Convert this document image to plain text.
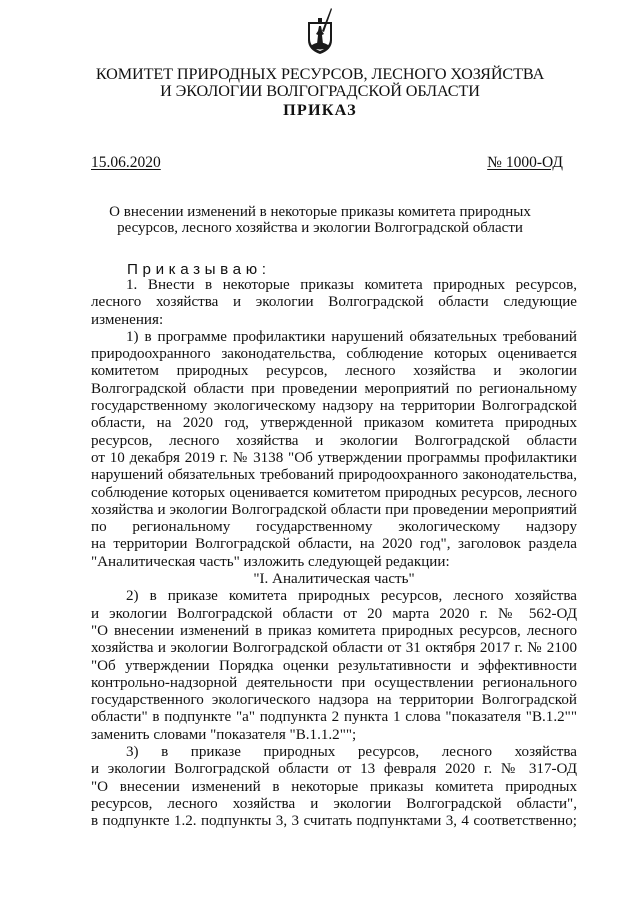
КОМИТЕТ ПРИРОДНЫХ РЕСУРСОВ, ЛЕСНОГО ХОЗЯЙСТВА
И ЭКОЛОГИИ ВОЛГОГРАДСКОЙ ОБЛАСТИ
ПРИКАЗ
15.06.2020	№ 1000-ОД
О внесении изменений в некоторые приказы комитета природных
ресурсов, лесного хозяйства и экологии Волгоградской области
Приказываю:
1. Внести в некоторые приказы комитета природных ресурсов,
лесного хозяйства и экологии Волгоградской области следующие
изменения:
1) в программе профилактики нарушений обязательных требований
природоохранного законодательства, соблюдение которых оценивается
комитетом природных ресурсов, лесного хозяйства и экологии
Волгоградской области при проведении мероприятий по региональному
государственному экологическому надзору на территории Волгоградской
области, на 2020 год, утвержденной приказом комитета природных
ресурсов, лесного хозяйства и экологии Волгоградской области
от 10 декабря 2019 г. № 3138 "Об утверждении программы профилактики
нарушений обязательных требований природоохранного законодательства,
соблюдение которых оценивается комитетом природных ресурсов, лесного
хозяйства и экологии Волгоградской области при проведении мероприятий
по региональному государственному экологическому надзору
на территории Волгоградской области, на 2020 год", заголовок раздела
"Аналитическая часть" изложить следующей редакции:
"I. Аналитическая часть"
2) в приказе комитета природных ресурсов, лесного хозяйства
и экологии Волгоградской области от 20 марта 2020 г. № 562-ОД
"О внесении изменений в приказ комитета природных ресурсов, лесного
хозяйства и экологии Волгоградской области от 31 октября 2017 г. № 2100
"Об утверждении Порядка оценки результативности и эффективности
контрольно-надзорной деятельности при осуществлении регионального
государственного экологического надзора на территории Волгоградской
области" в подпункте "а" подпункта 2 пункта 1 слова "показателя "В.1.2""
заменить словами "показателя "В.1.1.2"";
3) в приказе природных ресурсов, лесного хозяйства
и экологии Волгоградской области от 13 февраля 2020 г. № 317-ОД
"О внесении изменений в некоторые приказы комитета природных
ресурсов, лесного хозяйства и экологии Волгоградской области",
в подпункте 1.2. подпункты 3, 3 считать подпунктами 3, 4 соответственно;
